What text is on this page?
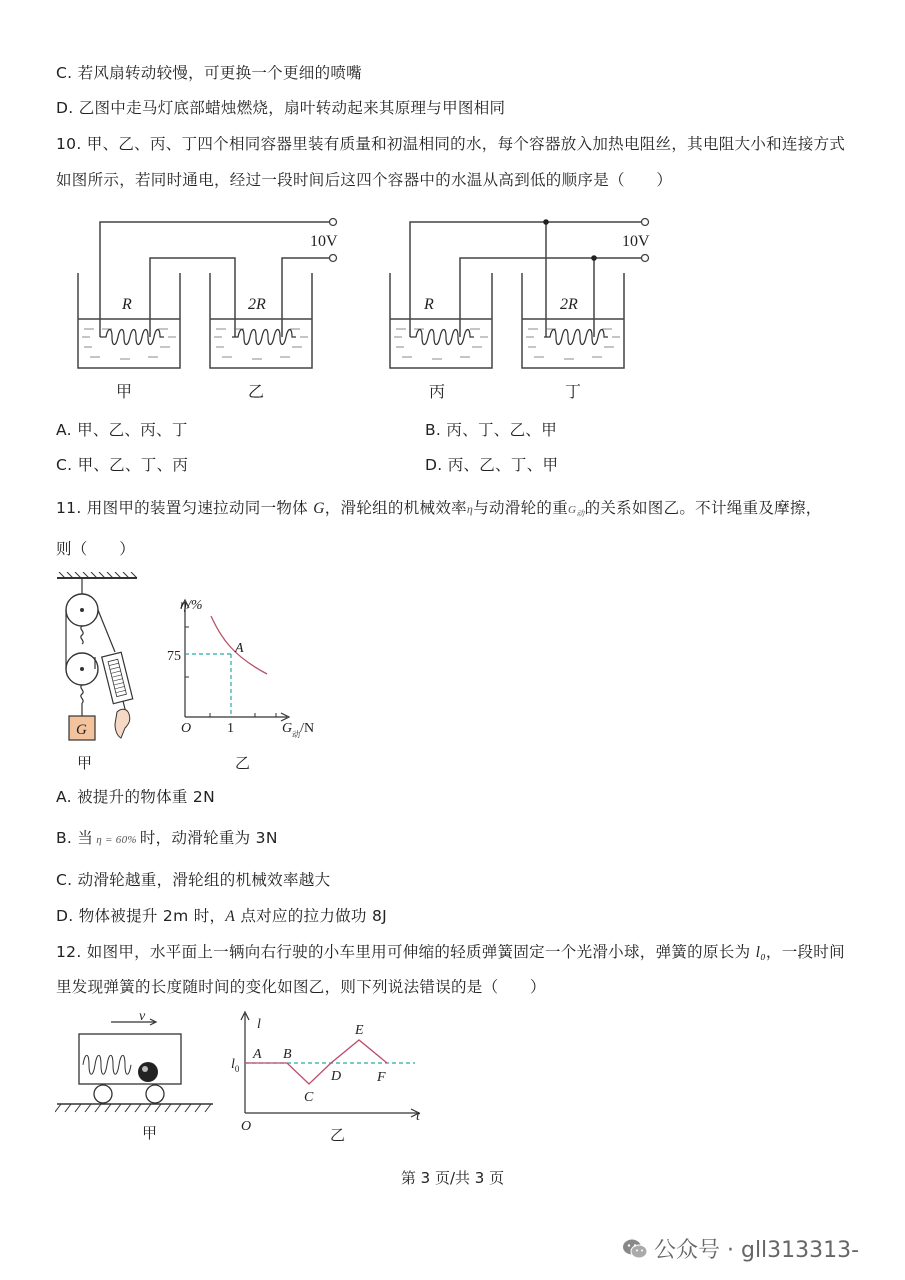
C. 若风扇转动较慢，可更换一个更细的喷嘴
D. 乙图中走马灯底部蜡烛燃烧，扇叶转动起来其原理与甲图相同
10. 甲、乙、丙、丁四个相同容器里装有质量和初温相同的水，每个容器放入加热电阻丝，其电阻大小和连接方式
如图所示，若同时通电，经过一段时间后这四个容器中的水温从高到低的顺序是（　　）
10V	10V
R	2R	R	2R
甲	乙	丙	丁
A. 甲、乙、丙、丁	B. 丙、丁、乙、甲
C. 甲、乙、丁、丙	D. 丙、乙、丁、甲
11. 用图甲的装置匀速拉动同一物体 G，滑轮组的机械效率η与动滑轮的重$G_动$的关系如图乙。不计绳重及摩擦，
则（　　）
G
甲
η/%
75
1
O
A
$G_动/N$
乙
A. 被提升的物体重 2N
B. 当 η = 60% 时，动滑轮重为 3N
C. 动滑轮越重，滑轮组的机械效率越大
D. 物体被提升 2m 时，A 点对应的拉力做功 8J
12. 如图甲，水平面上一辆向右行驶的小车里用可伸缩的轻质弹簧固定一个光滑小球，弹簧的原长为 l₀，一段时间
里发现弹簧的长度随时间的变化如图乙，则下列说法错误的是（　　）
v
甲
l
$l_0$
O
t
A B
C
D
E
F
乙
第 3 页/共 3 页
公众号 · gll313313-
